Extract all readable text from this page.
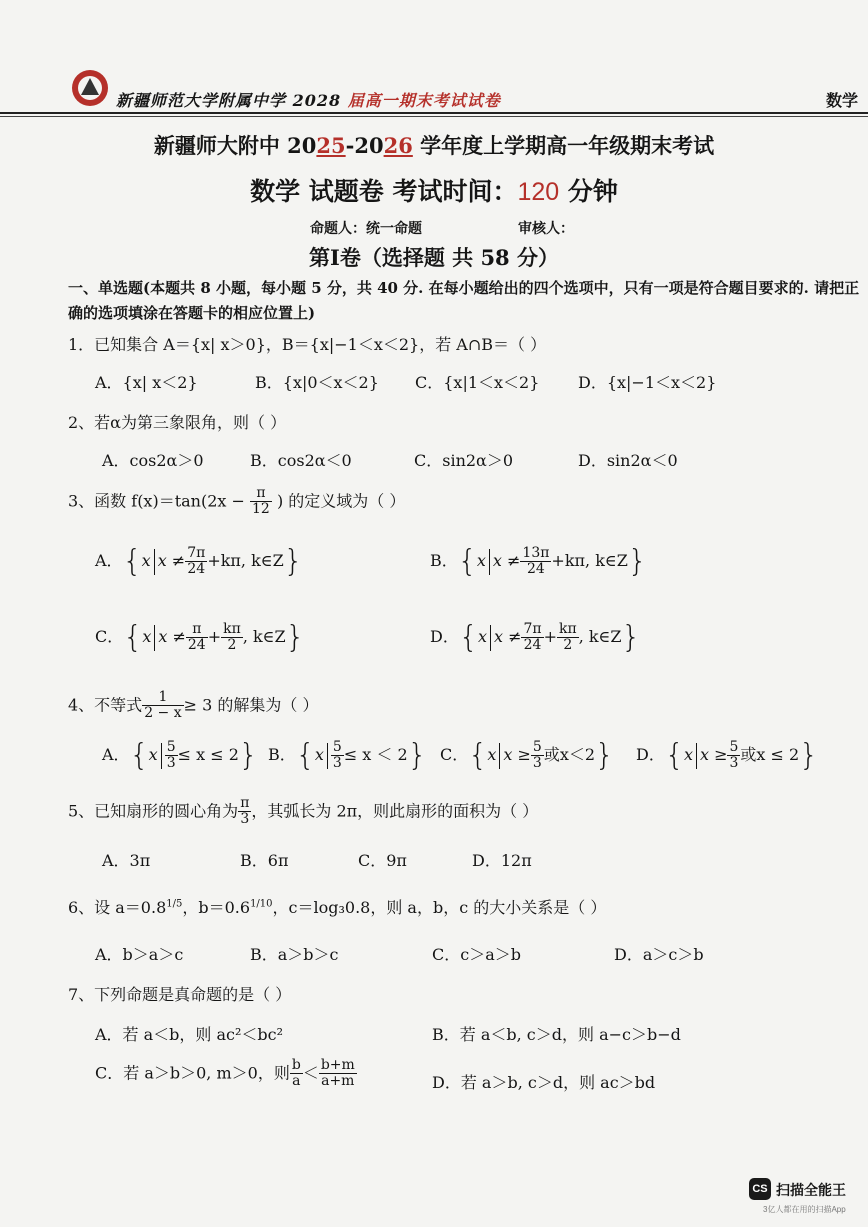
新疆师范大学附属中学 2028 届高一期末考试试卷	数学
新疆师大附中 2025-2026 学年度上学期高一年级期末考试
数学 试题卷 考试时间：120 分钟
命题人：统一命题	审核人：
第Ⅰ卷（选择题 共 58 分）
一、单选题(本题共 8 小题，每小题 5 分，共 40 分. 在每小题给出的四个选项中，只有一项是符合题目要求的. 请把正确的选项填涂在答题卡的相应位置上)
1．已知集合 A＝{x| x＞0}，B＝{x|−1＜x＜2}，若 A∩B＝（ ）
A．{x| x＜2}	B．{x|0＜x＜2} C．{x|1＜x＜2} D．{x|−1＜x＜2}
2、若α为第三象限角，则（ ）
A．cos2α＞0	B．cos2α＜0	C．sin2α＞0	D．sin2α＜0
3、函数 $f(x)=\tan(2x - \frac{\pi}{12}$ ) 的定义域为（ ）
A．{x $x \ne \frac{7\pi}{24} +k\pi$, k∈Z}	B．{x $x \ne \frac{13\pi}{24} +k\pi$, k∈Z}
C．{x $x \ne \frac{\pi}{24} + \frac{k\pi}{2}$ , k∈Z}	D．{x $x \ne \frac{7\pi}{24} + \frac{k\pi}{2}$ , k∈Z}
4、不等式 $\frac{1}{2 - x} \ge 3$ 的解集为（ ）
A．$\{x \frac{5}{3} \le x \le 2\}$ B．$\{x \frac{5}{3} \le x < 2\}$ C．{x $x \ge \frac{5}{3}$ 或x＜2} D．{x $x \ge \frac{5}{3}$ 或x ≤ 2}
5、已知扇形的圆心角为 $\frac{\pi}{3}$ ，其弧长为 2π，则此扇形的面积为（ ）
A．3π	B．6π	C．9π	D．12π
6、设 $a=0.8^{1/5}$，$b=0.6^{1/10}$，c＝log₃0.8，则 a，b，c 的大小关系是（ ）
A．b＞a＞c	B．a＞b＞c	C．c＞a＞b	D．a＞c＞b
7、下列命题是真命题的是（ ）
A．若 a＜b，则 ac²＜bc²	B．若 a＜b, c＞d，则 a−c＞b−d
C．若 a＞b＞0, m＞0，则 $\frac{b}{a} < \frac{b+m}{a+m}$	D．若 a＞b, c＞d，则 ac＞bd
CS 扫描全能王
3亿人都在用的扫描App
